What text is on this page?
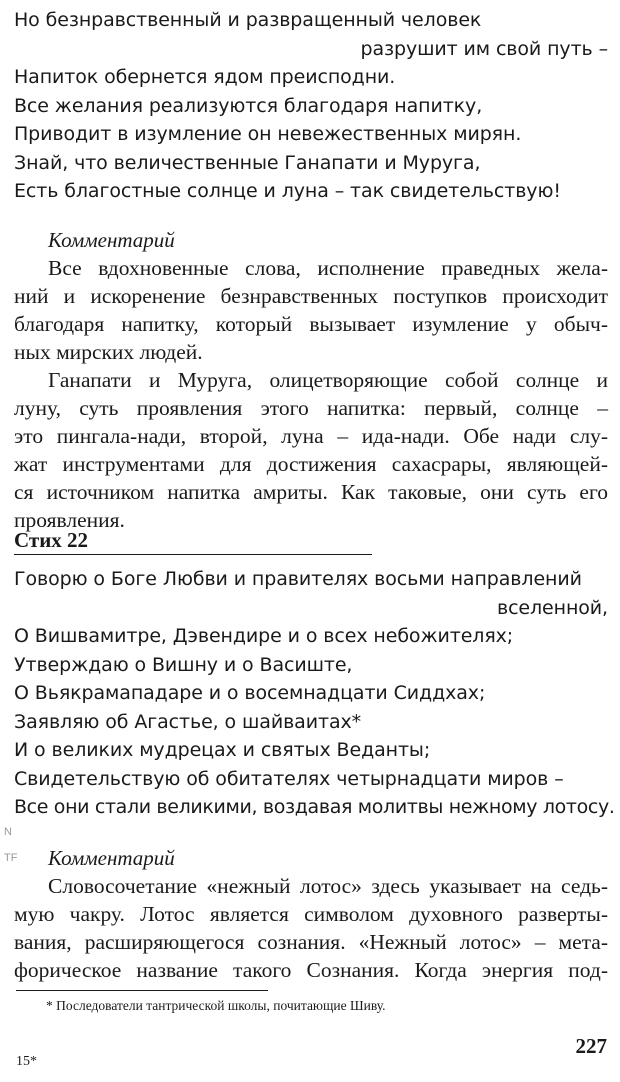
Но безнравственный и развращенный человек
разрушит им свой путь –
Напиток обернется ядом преисподни.
Все желания реализуются благодаря напитку,
Приводит в изумление он невежественных мирян.
Знай, что величественные Ганапати и Муруга,
Есть благостные солнце и луна – так свидетельствую!
Комментарий
Все вдохновенные слова, исполнение праведных жела-
ний и искоренение безнравственных поступков происходит
благодаря напитку, который вызывает изумление у обыч-
ных мирских людей.
Ганапати и Муруга, олицетворяющие собой солнце и
луну, суть проявления этого напитка: первый, солнце –
это пингала-нади, второй, луна – ида-нади. Обе нади слу-
жат инструментами для достижения сахасрары, являющей-
ся источником напитка амриты. Как таковые, они суть его
проявления.
Стих 22
Говорю о Боге Любви и правителях восьми направлений
вселенной,
О Вишвамитре, Дэвендире и о всех небожителях;
Утверждаю о Вишну и о Васиште,
О Вьякрамападаре и о восемнадцати Сиддхах;
Заявляю об Агастье, о шайваитах*
И о великих мудрецах и святых Веданты;
Свидетельствую об обитателях четырнадцати миров –
Все они стали великими, воздавая молитвы нежному лотосу.
N
TF Комментарий
Словосочетание «нежный лотос» здесь указывает на седь-
мую чакру. Лотос является символом духовного разверты-
вания, расширяющегося сознания. «Нежный лотос» – мета-
форическое название такого Сознания. Когда энергия под-
* Последователи тантрической школы, почитающие Шиву.
227
15*
